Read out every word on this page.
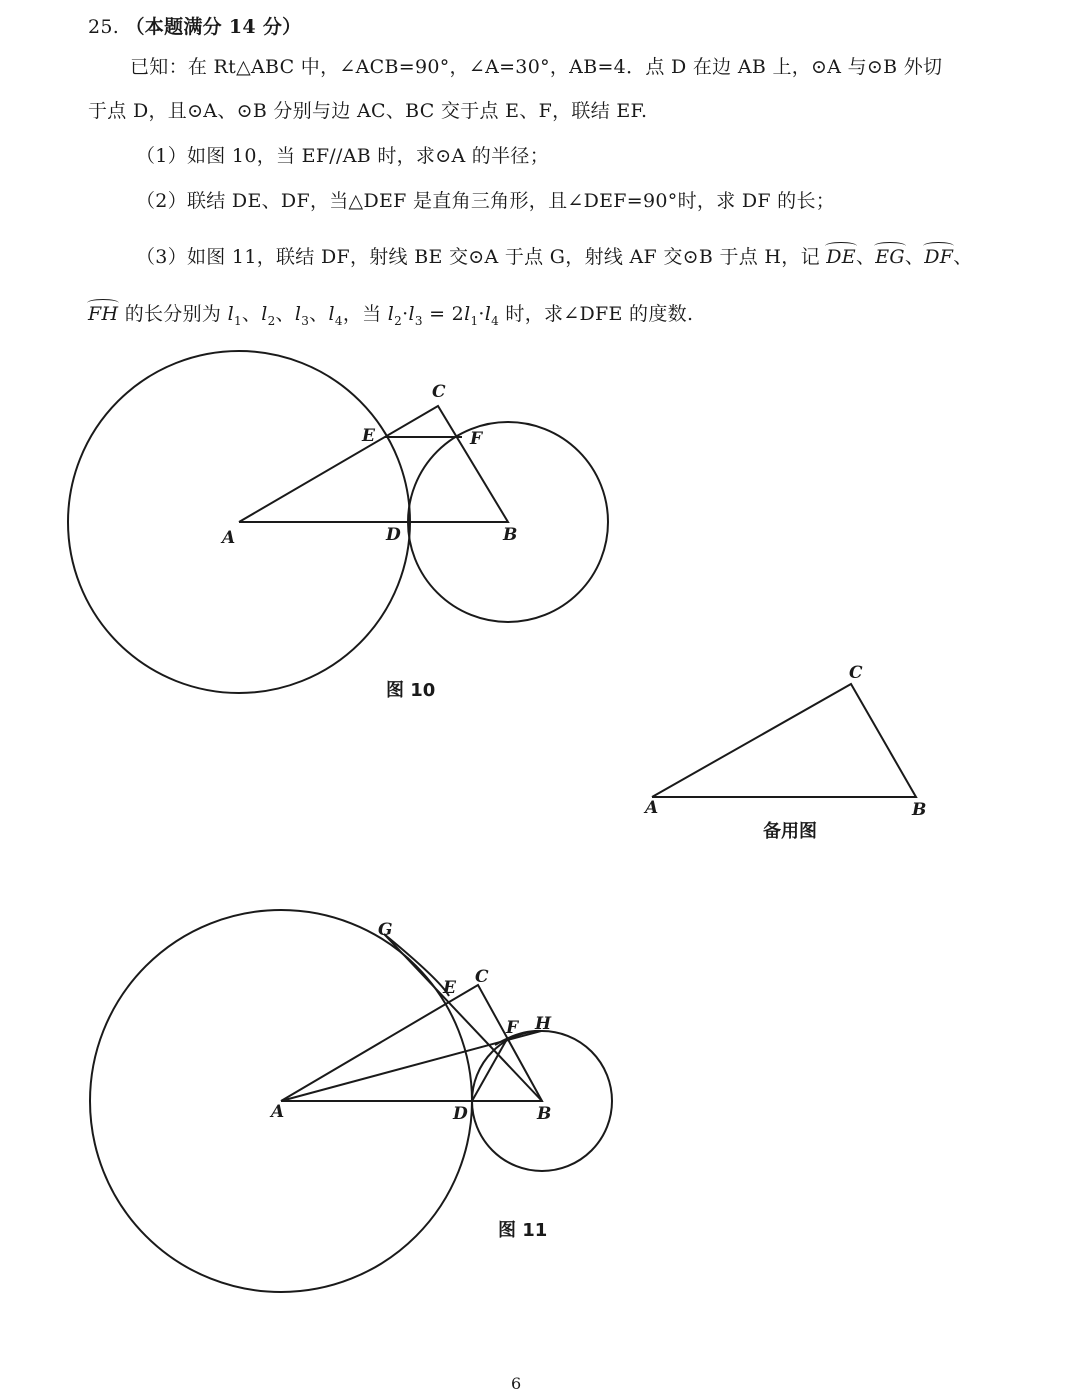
25. （本题满分 14 分）
已知：在 Rt△ABC 中，∠ACB=90°，∠A=30°，AB=4．点 D 在边 AB 上，⊙A 与⊙B 外切
于点 D，且⊙A、⊙B 分别与边 AC、BC 交于点 E、F，联结 EF.
（1）如图 10，当 EF//AB 时，求⊙A 的半径；
（2）联结 DE、DF，当△DEF 是直角三角形，且∠DEF=90°时，求 DF 的长；
（3）如图 11，联结 DF，射线 BE 交⊙A 于点 G，射线 AF 交⊙B 于点 H，记 DE、EG、DF、
FH 的长分别为 $l_1$、$l_2$、$l_3$、$l_4$，当 $l_2\cdot l_3 = 2l_1\cdot l_4$ 时，求∠DFE 的度数.
A	B
C
D
E	F
图 10
A	B
C
备用图
A	B
C
D
E
F
G
H
图 11
6
